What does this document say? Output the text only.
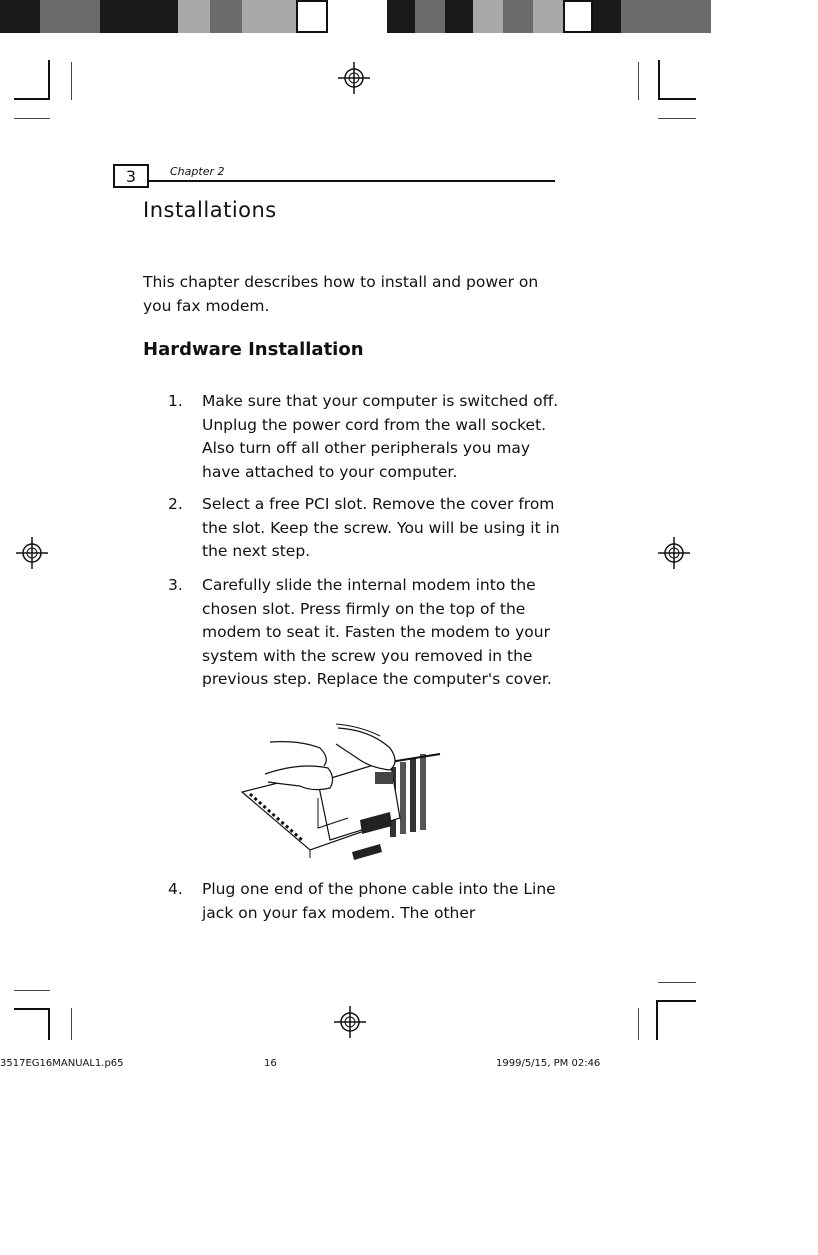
3	Chapter 2
Installations
This chapter describes how to install and power on you fax modem.
Hardware Installation
1.	Make sure that your computer is switched off. Unplug the power cord from the wall socket. Also turn off all other peripherals you may have attached to your computer.
2.	Select a free PCI slot. Remove the cover from the slot. Keep the screw. You will be using it in the next step.
3.	Carefully slide the internal modem into the chosen slot. Press firmly on the top of the modem to seat it. Fasten the modem to your system with the screw you removed in the previous step. Replace the computer's cover.
4.	Plug one end of the phone cable into the Line jack on your fax modem. The other
3517EG16MANUAL1.p65	16	1999/5/15, PM 02:46
